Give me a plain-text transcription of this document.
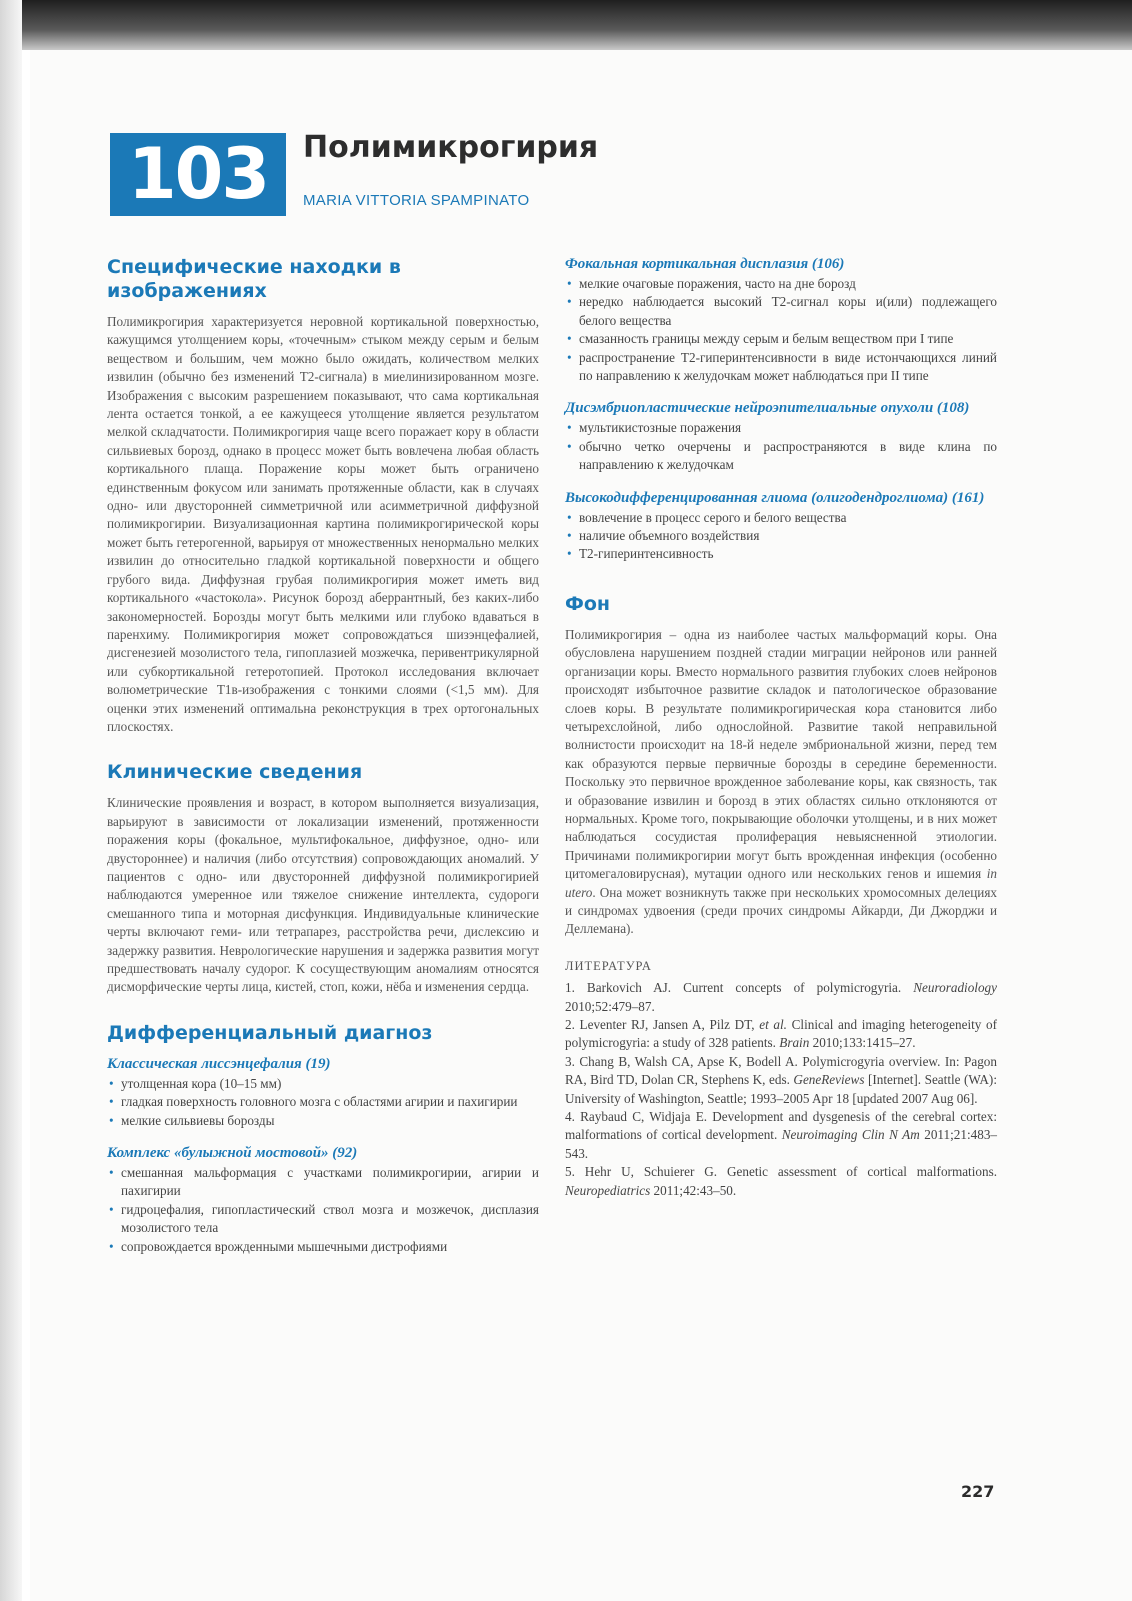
103	Полимикрогирия
MARIA VITTORIA SPAMPINATO
Специфические находки в изображениях

Полимикрогирия характеризуется неровной кортикальной поверхностью, кажущимся утолщением коры, «точечным» стыком между серым и белым веществом и большим, чем можно было ожидать, количеством мелких извилин (обычно без изменений Т2-сигнала) в миелинизированном мозге. Изображения с высоким разрешением показывают, что сама кортикальная лента остается тонкой, а ее кажущееся утолщение является результатом мелкой складчатости. Полимикрогирия чаще всего поражает кору в области сильвиевых борозд, однако в процесс может быть вовлечена любая область кортикального плаща. Поражение коры может быть ограничено единственным фокусом или занимать протяженные области, как в случаях одно- или двусторонней симметричной или асимметричной диффузной полимикрогирии. Визуализационная картина полимикрогирической коры может быть гетерогенной, варьируя от множественных ненормально мелких извилин до относительно гладкой кортикальной поверхности и общего грубого вида. Диффузная грубая полимикрогирия может иметь вид кортикального «частокола». Рисунок борозд аберрантный, без каких-либо закономерностей. Борозды могут быть мелкими или глубоко вдаваться в паренхиму. Полимикрогирия может сопровождаться шизэнцефалией, дисгенезией мозолистого тела, гипоплазией мозжечка, перивентрикулярной или субкортикальной гетеротопией. Протокол исследования включает волюметрические Т1в-изображения с тонкими слоями (<1,5 мм). Для оценки этих изменений оптимальна реконструкция в трех ортогональных плоскостях.

Клинические сведения

Клинические проявления и возраст, в котором выполняется визуализация, варьируют в зависимости от локализации изменений, протяженности поражения коры (фокальное, мультифокальное, диффузное, одно- или двустороннее) и наличия (либо отсутствия) сопровождающих аномалий. У пациентов с одно- или двусторонней диффузной полимикрогирией наблюдаются умеренное или тяжелое снижение интеллекта, судороги смешанного типа и моторная дисфункция. Индивидуальные клинические черты включают геми- или тетрапарез, расстройства речи, дислексию и задержку развития. Неврологические нарушения и задержка развития могут предшествовать началу судорог. К сосуществующим аномалиям относятся дисморфические черты лица, кистей, стоп, кожи, нёба и изменения сердца.

Дифференциальный диагноз
Классическая лиссэнцефалия (19)
• утолщенная кора (10–15 мм)
• гладкая поверхность головного мозга с областями агирии и пахигирии
• мелкие сильвиевы борозды
Комплекс «булыжной мостовой» (92)
• смешанная мальформация с участками полимикрогирии, агирии и пахигирии
• гидроцефалия, гипопластический ствол мозга и мозжечок, дисплазия мозолистого тела
• сопровождается врожденными мышечными дистрофиями
Фокальная кортикальная дисплазия (106)
• мелкие очаговые поражения, часто на дне борозд
• нередко наблюдается высокий Т2-сигнал коры и(или) подлежащего белого вещества
• смазанность границы между серым и белым веществом при I типе
• распространение Т2-гиперинтенсивности в виде истончающихся линий по направлению к желудочкам может наблюдаться при II типе
Дисэмбриопластические нейроэпителиальные опухоли (108)
• мультикистозные поражения
• обычно четко очерчены и распространяются в виде клина по направлению к желудочкам
Высокодифференцированная глиома (олигодендроглиома) (161)
• вовлечение в процесс серого и белого вещества
• наличие объемного воздействия
• Т2-гиперинтенсивность
Фон

Полимикрогирия – одна из наиболее частых мальформаций коры. Она обусловлена нарушением поздней стадии миграции нейронов или ранней организации коры. Вместо нормального развития глубоких слоев нейронов происходят избыточное развитие складок и патологическое образование слоев коры. В результате полимикрогирическая кора становится либо четырехслойной, либо однослойной. Развитие такой неправильной волнистости происходит на 18-й неделе эмбриональной жизни, перед тем как образуются первые первичные борозды в середине беременности. Поскольку это первичное врожденное заболевание коры, как связность, так и образование извилин и борозд в этих областях сильно отклоняются от нормальных. Кроме того, покрывающие оболочки утолщены, и в них может наблюдаться сосудистая пролиферация невыясненной этиологии. Причинами полимикрогирии могут быть врожденная инфекция (особенно цитомегаловирусная), мутации одного или нескольких генов и ишемия in utero. Она может возникнуть также при нескольких хромосомных делециях и синдромах удвоения (среди прочих синдромы Айкарди, Ди Джорджи и Деллемана).

ЛИТЕРАТУРА
1. Barkovich AJ. Current concepts of polymicrogyria. Neuroradiology 2010;52:479–87.
2. Leventer RJ, Jansen A, Pilz DT, et al. Clinical and imaging heterogeneity of polymicrogyria: a study of 328 patients. Brain 2010;133:1415–27.
3. Chang B, Walsh CA, Apse K, Bodell A. Polymicrogyria overview. In: Pagon RA, Bird TD, Dolan CR, Stephens K, eds. GeneReviews [Internet]. Seattle (WA): University of Washington, Seattle; 1993–2005 Apr 18 [updated 2007 Aug 06].
4. Raybaud C, Widjaja E. Development and dysgenesis of the cerebral cortex: malformations of cortical development. Neuroimaging Clin N Am 2011;21:483–543.
5. Hehr U, Schuierer G. Genetic assessment of cortical malformations. Neuropediatrics 2011;42:43–50.
227
